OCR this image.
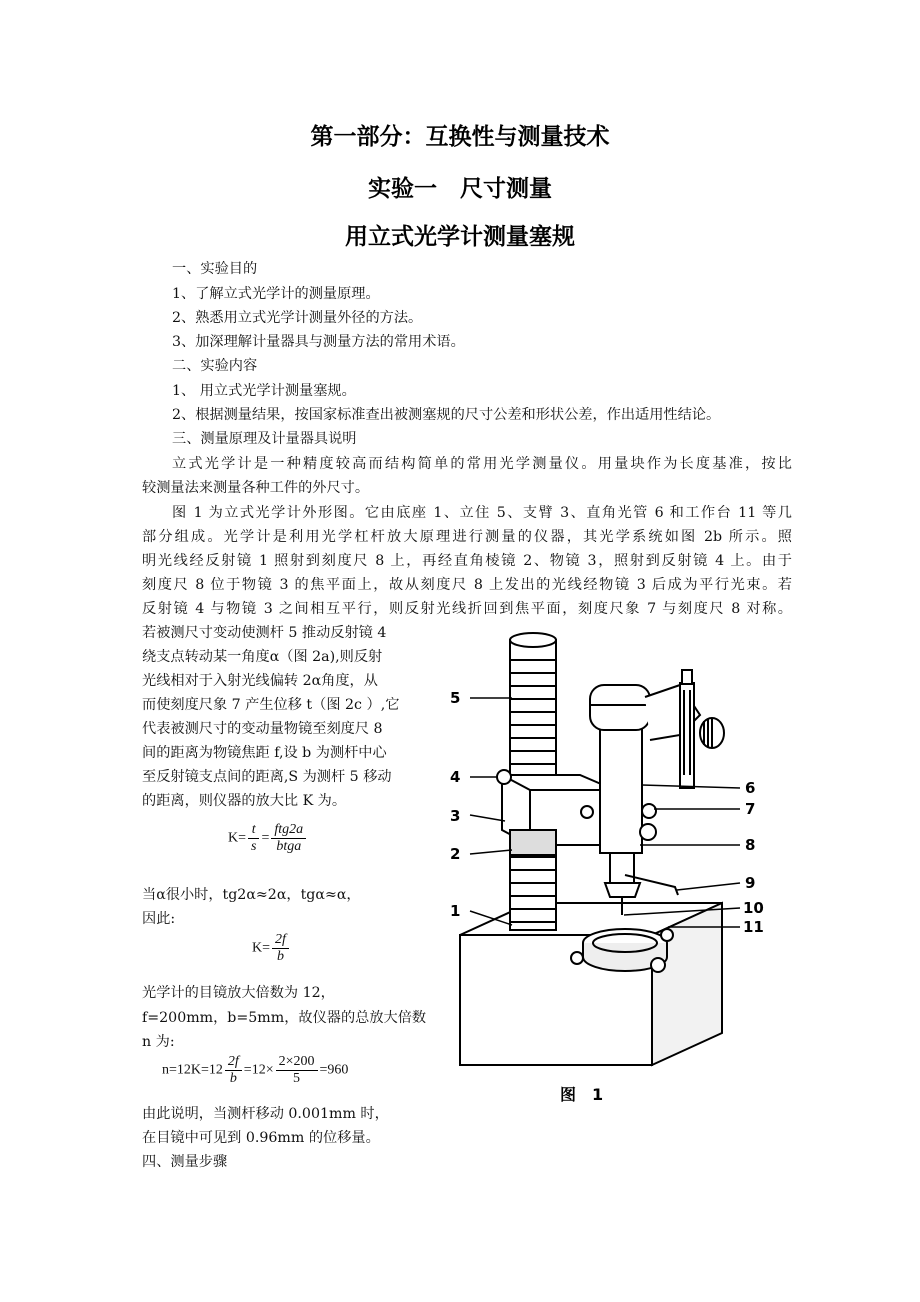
第一部分：互换性与测量技术
实验一　尺寸测量
用立式光学计测量塞规
一、实验目的
1、了解立式光学计的测量原理。
2、熟悉用立式光学计测量外径的方法。
3、加深理解计量器具与测量方法的常用术语。
二、实验内容
1、 用立式光学计测量塞规。
2、根据测量结果，按国家标准查出被测塞规的尺寸公差和形状公差，作出适用性结论。
三、测量原理及计量器具说明
立式光学计是一种精度较高而结构简单的常用光学测量仪。用量块作为长度基准，按比
较测量法来测量各种工件的外尺寸。
图 1 为立式光学计外形图。它由底座 1、立住 5、支臂 3、直角光管 6 和工作台 11 等几
部分组成。光学计是利用光学杠杆放大原理进行测量的仪器，其光学系统如图 2b 所示。照
明光线经反射镜 1 照射到刻度尺 8 上，再经直角棱镜 2、物镜 3，照射到反射镜 4 上。由于
刻度尺 8 位于物镜 3 的焦平面上，故从刻度尺 8 上发出的光线经物镜 3 后成为平行光束。若
反射镜 4 与物镜 3 之间相互平行，则反射光线折回到焦平面，刻度尺象 7 与刻度尺 8 对称。
若被测尺寸变动使测杆 5 推动反射镜 4
绕支点转动某一角度α（图 2a),则反射
光线相对于入射光线偏转 2α角度，从
而使刻度尺象 7 产生位移 t（图 2c ）,它
代表被测尺寸的变动量物镜至刻度尺 8
间的距离为物镜焦距 f,设 b 为测杆中心
至反射镜支点间的距离,S 为测杆 5 移动
的距离，则仪器的放大比 K 为。
$K= \frac{t}{s} = \frac{\text{ftg2a}}{\text{btga}}$
当α很小时，tg2α≈2α，tgα≈α，
因此:
$K= \frac{2f}{b}$
光学计的目镜放大倍数为 12，
f=200mm，b=5mm，故仪器的总放大倍数
n 为:
$n=12K=12 \frac{2f}{b} =12\times \frac{2\times 200}{5} =960$
由此说明，当测杆移动 0.001mm 时，
在目镜中可见到 0.96mm 的位移量。
四、测量步骤
5
4
3
2
1
6
7
8
9
10
11
图　1
